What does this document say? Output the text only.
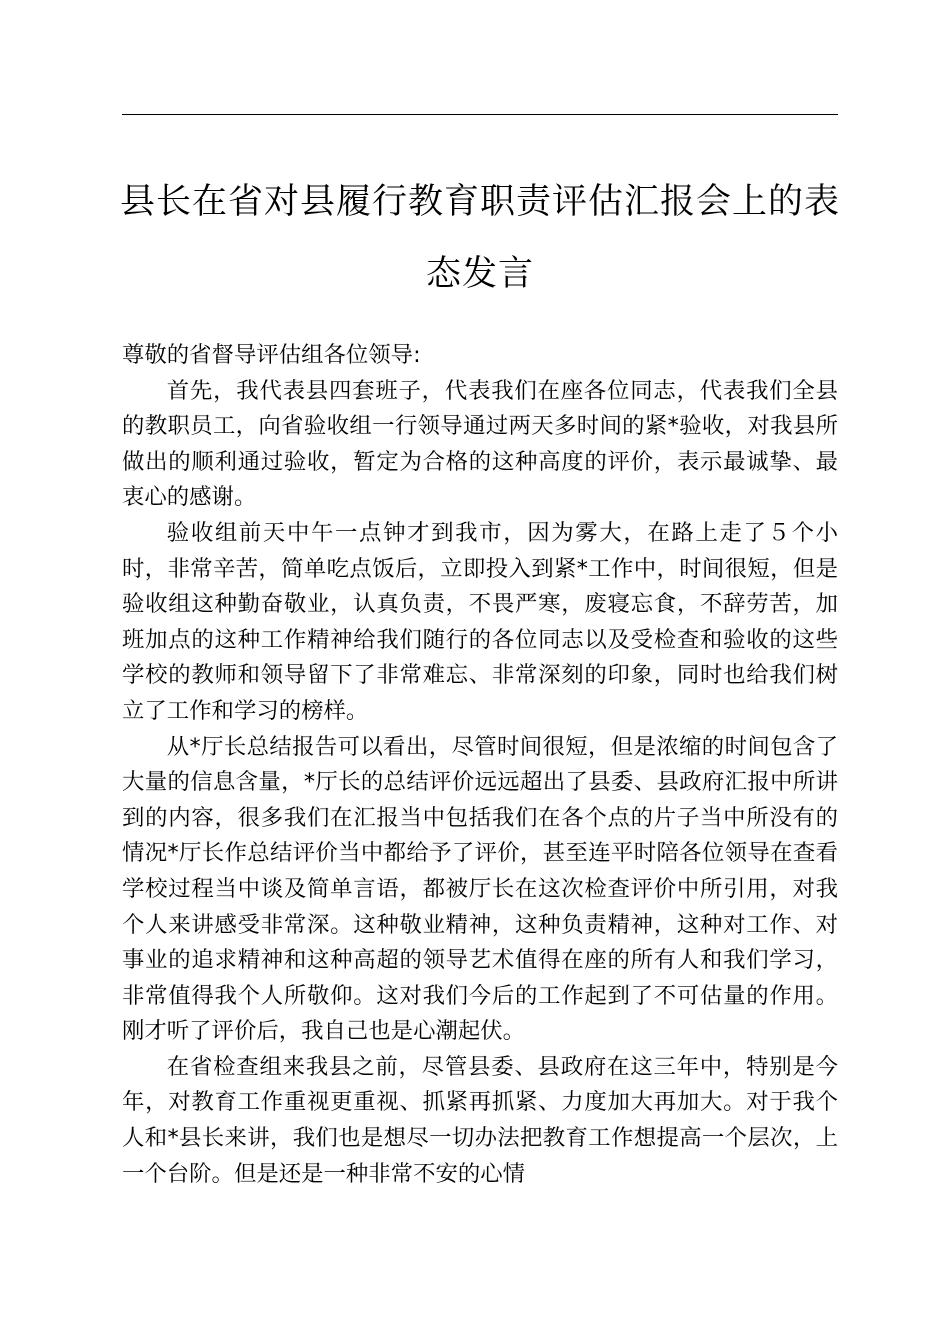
县长在省对县履行教育职责评估汇报会上的表态发言

尊敬的省督导评估组各位领导:

首先，我代表县四套班子，代表我们在座各位同志，代表我们全县的教职员工，向省验收组一行领导通过两天多时间的紧*验收，对我县所做出的顺利通过验收，暂定为合格的这种高度的评价，表示最诚挚、最衷心的感谢。

验收组前天中午一点钟才到我市，因为雾大，在路上走了５个小时，非常辛苦，简单吃点饭后，立即投入到紧*工作中，时间很短，但是验收组这种勤奋敬业，认真负责，不畏严寒，废寝忘食，不辞劳苦，加班加点的这种工作精神给我们随行的各位同志以及受检查和验收的这些学校的教师和领导留下了非常难忘、非常深刻的印象，同时也给我们树立了工作和学习的榜样。

从*厅长总结报告可以看出，尽管时间很短，但是浓缩的时间包含了大量的信息含量，*厅长的总结评价远远超出了县委、县政府汇报中所讲到的内容，很多我们在汇报当中包括我们在各个点的片子当中所没有的情况*厅长作总结评价当中都给予了评价，甚至连平时陪各位领导在查看学校过程当中谈及简单言语，都被厅长在这次检查评价中所引用，对我个人来讲感受非常深。这种敬业精神，这种负责精神，这种对工作、对事业的追求精神和这种高超的领导艺术值得在座的所有人和我们学习，非常值得我个人所敬仰。这对我们今后的工作起到了不可估量的作用。刚才听了评价后，我自己也是心潮起伏。

在省检查组来我县之前，尽管县委、县政府在这三年中，特别是今年，对教育工作重视更重视、抓紧再抓紧、力度加大再加大。对于我个人和*县长来讲，我们也是想尽一切办法把教育工作想提高一个层次，上一个台阶。但是还是一种非常不安的心情
